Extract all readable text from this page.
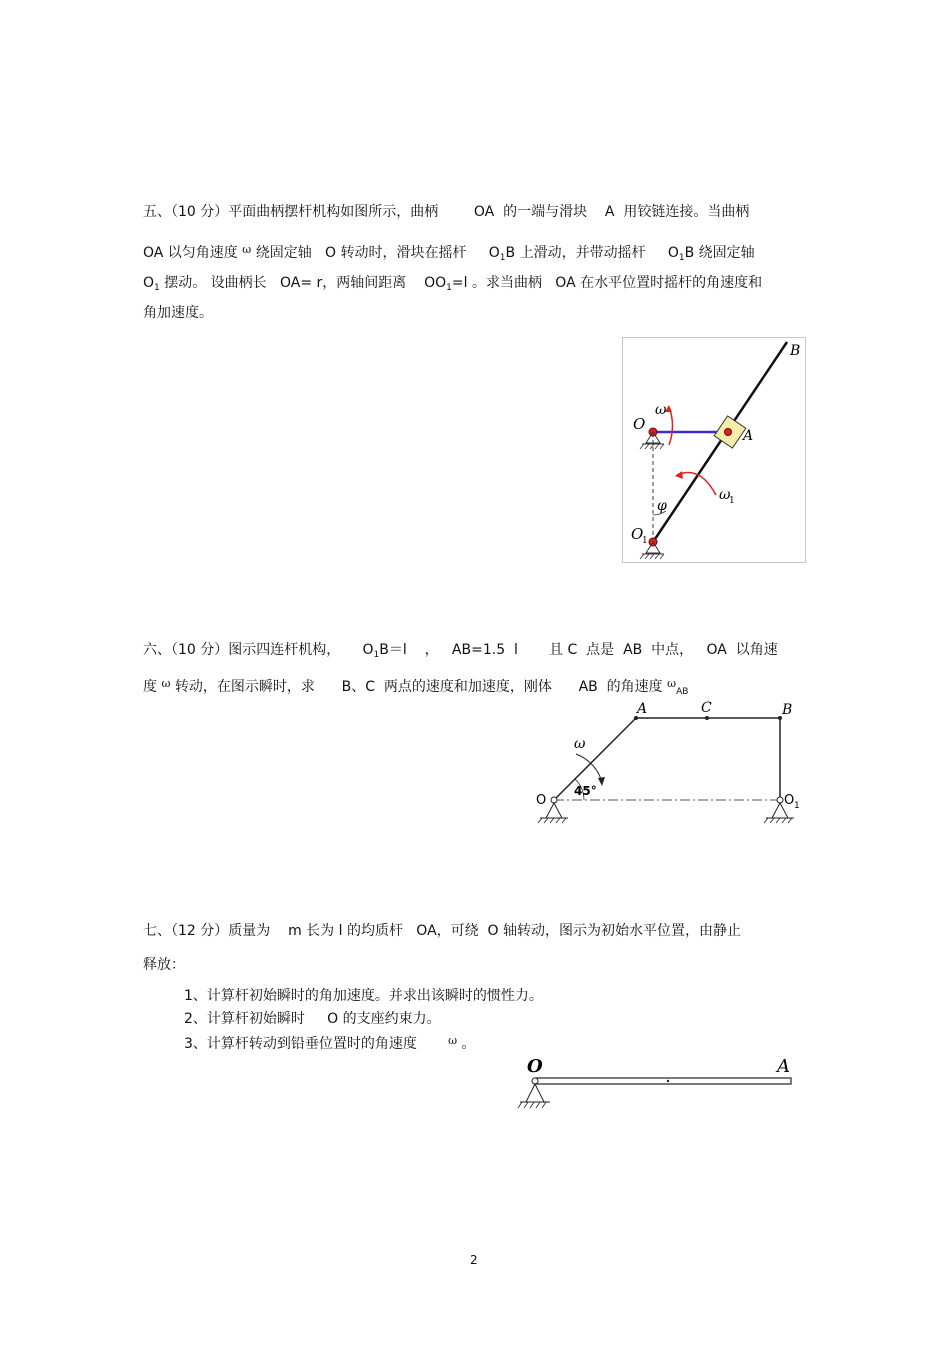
五、（10 分）平面曲柄摆杆机构如图所示，曲柄        OA  的一端与滑块    A  用铰链连接。当曲柄
OA 以匀角速度 $^\omega$ 绕固定轴   O 转动时，滑块在摇杆     $O_1B$ 上滑动，并带动摇杆     $O_1B$ 绕固定轴
$O_1$ 摆动。 设曲柄长   OA= r，两轴间距离    $OO_1=l$ 。求当曲柄   OA 在水平位置时摇杆的角速度和
角加速度。
B
O
A
ω
ω
1
φ
O
1
六、（10 分）图示四连杆机构，     $O_1B=l$    ，   AB=1.5  l       且 C  点是  AB  中点，   OA  以角速
度 $^\omega$ 转动，在图示瞬时，求      B、C  两点的速度和加速度，刚体      AB  的角速度 $^\omega_{AB}$
A	C	B
ω
45°
O	O 1
七、（12 分）质量为    m 长为 l 的均质杆   OA，可绕  O 轴转动，图示为初始水平位置，由静止
释放：
1、计算杆初始瞬时的角加速度。并求出该瞬时的惯性力。
2、计算杆初始瞬时     O 的支座约束力。
3、计算杆转动到铅垂位置时的角速度       $^\omega$ 。
O	A
2
